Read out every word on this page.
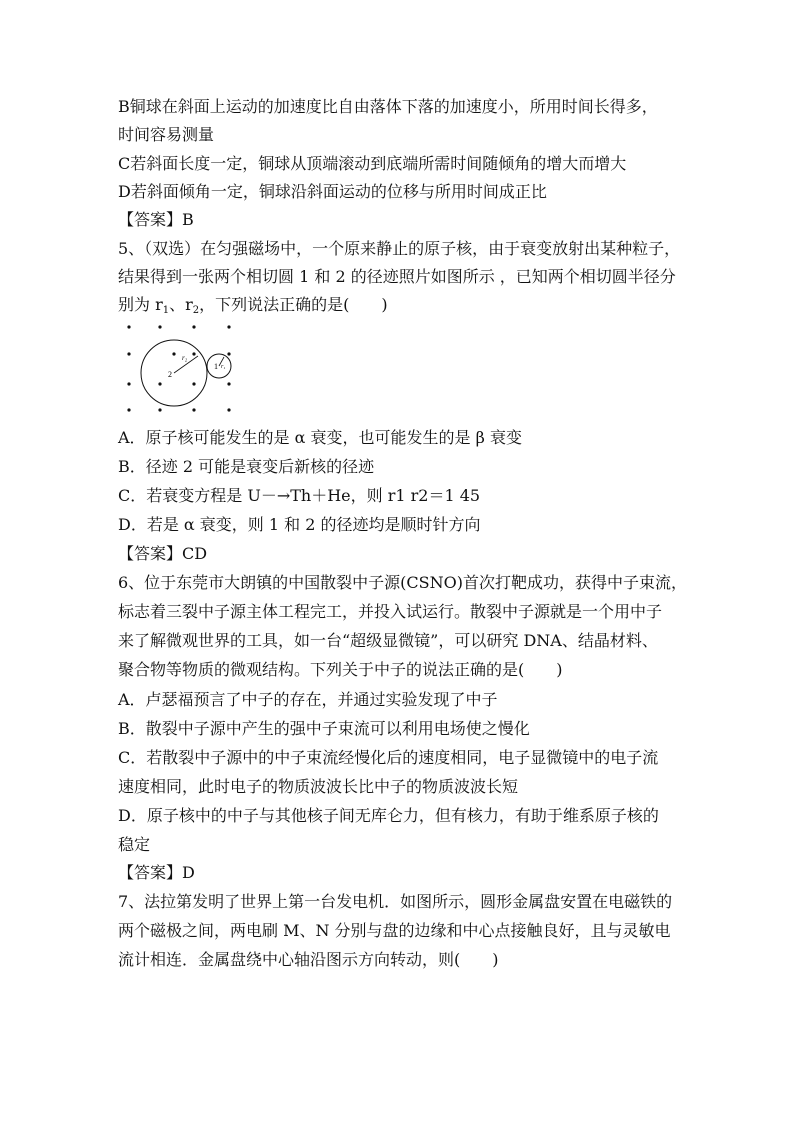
B铜球在斜面上运动的加速度比自由落体下落的加速度小，所用时间长得多，
时间容易测量
C若斜面长度一定，铜球从顶端滚动到底端所需时间随倾角的增大而增大
D若斜面倾角一定，铜球沿斜面运动的位移与所用时间成正比
【答案】B
5、（双选）在匀强磁场中，一个原来静止的原子核，由于衰变放射出某种粒子，
结果得到一张两个相切圆 1 和 2 的径迹照片如图所示 ，已知两个相切圆半径分
别为 $r_1$、$r_2$，下列说法正确的是(　　)
2
1
r₂
r₁
A．原子核可能发生的是 α 衰变，也可能发生的是 β 衰变
B．径迹 2 可能是衰变后新核的径迹
C．若衰变方程是 U－→Th＋He，则 r1 r2＝1 45
D．若是 α 衰变，则 1 和 2 的径迹均是顺时针方向
【答案】CD
6、位于东莞市大朗镇的中国散裂中子源(CSNO)首次打靶成功，获得中子束流，
标志着三裂中子源主体工程完工，并投入试运行。散裂中子源就是一个用中子
来了解微观世界的工具，如一台“超级显微镜”，可以研究 DNA、结晶材料、
聚合物等物质的微观结构。下列关于中子的说法正确的是(　　)
A．卢瑟福预言了中子的存在，并通过实验发现了中子
B．散裂中子源中产生的强中子束流可以利用电场使之慢化
C．若散裂中子源中的中子束流经慢化后的速度相同，电子显微镜中的电子流
速度相同，此时电子的物质波波长比中子的物质波波长短
D．原子核中的中子与其他核子间无库仑力，但有核力，有助于维系原子核的
稳定
【答案】D
7、法拉第发明了世界上第一台发电机．如图所示，圆形金属盘安置在电磁铁的
两个磁极之间，两电刷 M、N 分别与盘的边缘和中心点接触良好，且与灵敏电
流计相连．金属盘绕中心轴沿图示方向转动，则(　　)
